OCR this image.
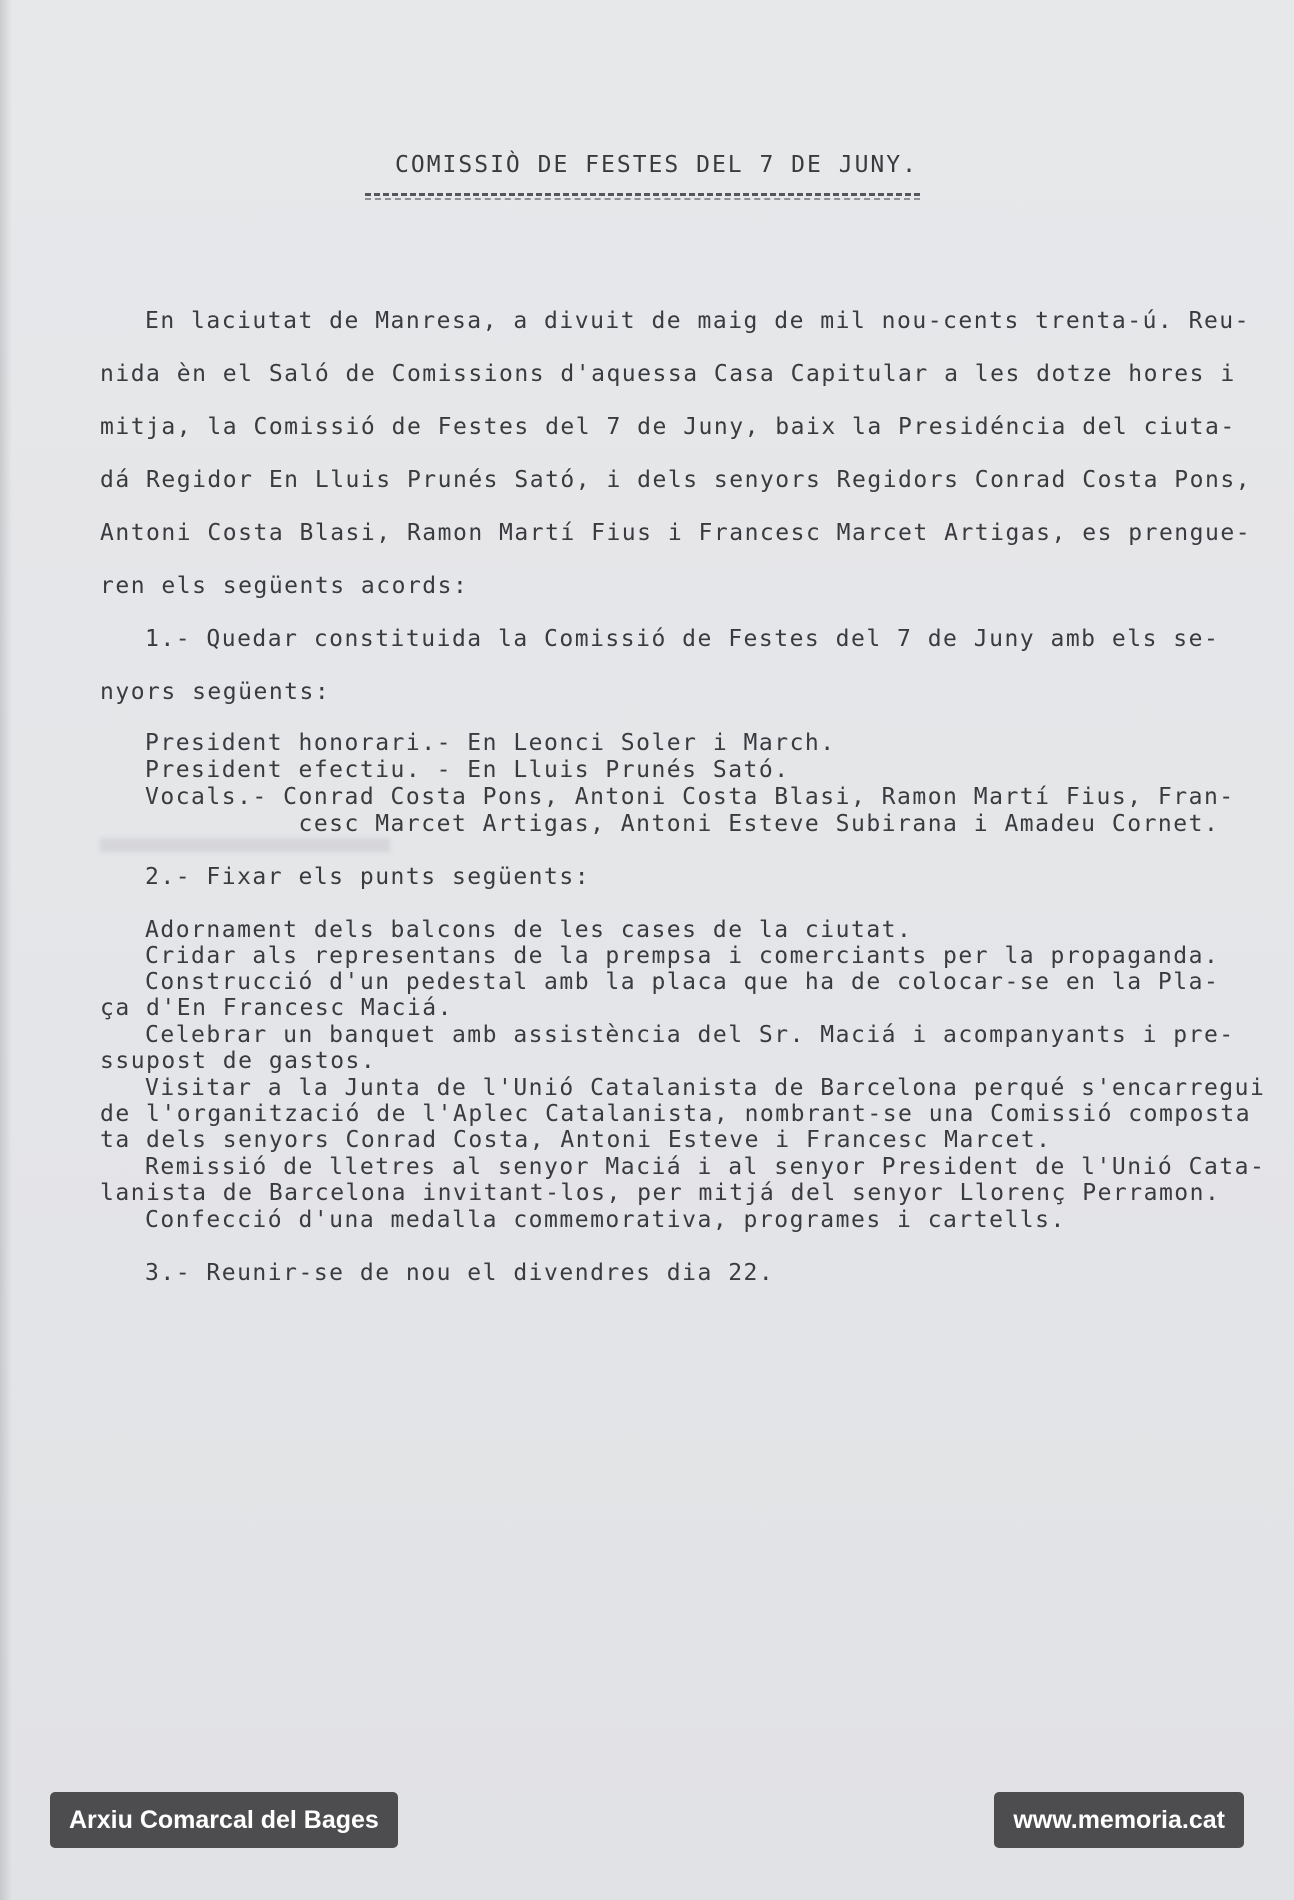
COMISSIÒ DE FESTES DEL 7 DE JUNY.
En laciutat de Manresa, a divuit de maig de mil nou-cents trenta-ú. Reu-
nida èn el Saló de Comissions d'aquessa Casa Capitular a les dotze hores i
mitja, la Comissió de Festes del 7 de Juny, baix la Presidéncia del ciuta-
dá Regidor En Lluis Prunés Sató, i dels senyors Regidors Conrad Costa Pons,
Antoni Costa Blasi, Ramon Martí Fius i Francesc Marcet Artigas, es prengue-
ren els següents acords:
1.- Quedar constituida la Comissió de Festes del 7 de Juny amb els se-
nyors següents:
President honorari.- En Leonci Soler i March.
President efectiu. - En Lluis Prunés Sató.
Vocals.- Conrad Costa Pons, Antoni Costa Blasi, Ramon Martí Fius, Fran-
cesc Marcet Artigas, Antoni Esteve Subirana i Amadeu Cornet.
2.- Fixar els punts següents:
Adornament dels balcons de les cases de la ciutat.
Cridar als representans de la prempsa i comerciants per la propaganda.
Construcció d'un pedestal amb la placa que ha de colocar-se en la Pla-
ça d'En Francesc Maciá.
Celebrar un banquet amb assistència del Sr. Maciá i acompanyants i pre-
ssupost de gastos.
Visitar a la Junta de l'Unió Catalanista de Barcelona perqué s'encarregui
de l'organització de l'Aplec Catalanista, nombrant-se una Comissió composta
ta dels senyors Conrad Costa, Antoni Esteve i Francesc Marcet.
Remissió de lletres al senyor Maciá i al senyor President de l'Unió Cata-
lanista de Barcelona invitant-los, per mitjá del senyor Llorenç Perramon.
Confecció d'una medalla commemorativa, programes i cartells.
3.- Reunir-se de nou el divendres dia 22.
Arxiu Comarcal del Bages	www.memoria.cat
